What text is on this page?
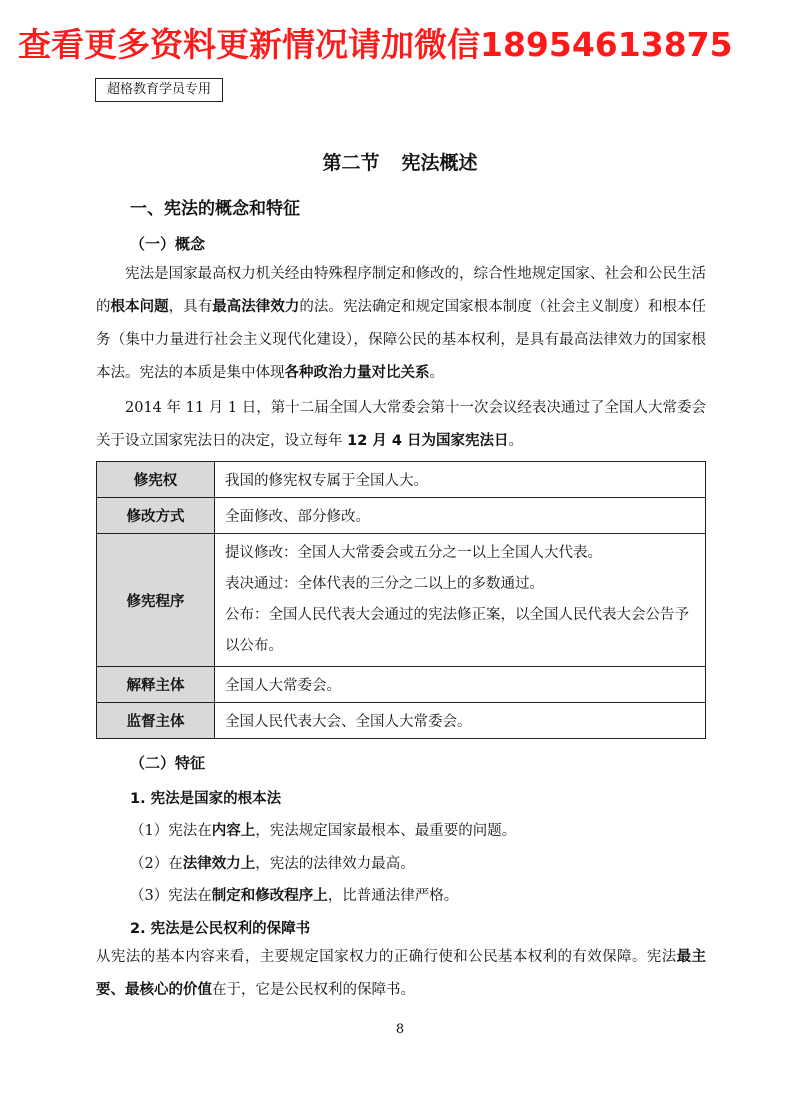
查看更多资料更新情况请加微信18954613875
超格教育学员专用
第二节 宪法概述
一、宪法的概念和特征
（一）概念
宪法是国家最高权力机关经由特殊程序制定和修改的，综合性地规定国家、社会和公民生活的根本问题，具有最高法律效力的法。宪法确定和规定国家根本制度（社会主义制度）和根本任务（集中力量进行社会主义现代化建设），保障公民的基本权利，是具有最高法律效力的国家根本法。宪法的本质是集中体现各种政治力量对比关系。
2014 年 11 月 1 日，第十二届全国人大常委会第十一次会议经表决通过了全国人大常委会关于设立国家宪法日的决定，设立每年 12 月 4 日为国家宪法日。
修宪权	我国的修宪权专属于全国人大。
修改方式	全面修改、部分修改。
修宪程序	提议修改：全国人大常委会或五分之一以上全国人大代表。
表决通过：全体代表的三分之二以上的多数通过。
公布：全国人民代表大会通过的宪法修正案，以全国人民代表大会公告予以公布。

解释主体	全国人大常委会。
监督主体	全国人民代表大会、全国人大常委会。
（二）特征
1. 宪法是国家的根本法
（1）宪法在内容上，宪法规定国家最根本、最重要的问题。
（2）在法律效力上，宪法的法律效力最高。
（3）宪法在制定和修改程序上，比普通法律严格。
2. 宪法是公民权利的保障书
从宪法的基本内容来看，主要规定国家权力的正确行使和公民基本权利的有效保障。宪法最主要、最核心的价值在于，它是公民权利的保障书。
8
